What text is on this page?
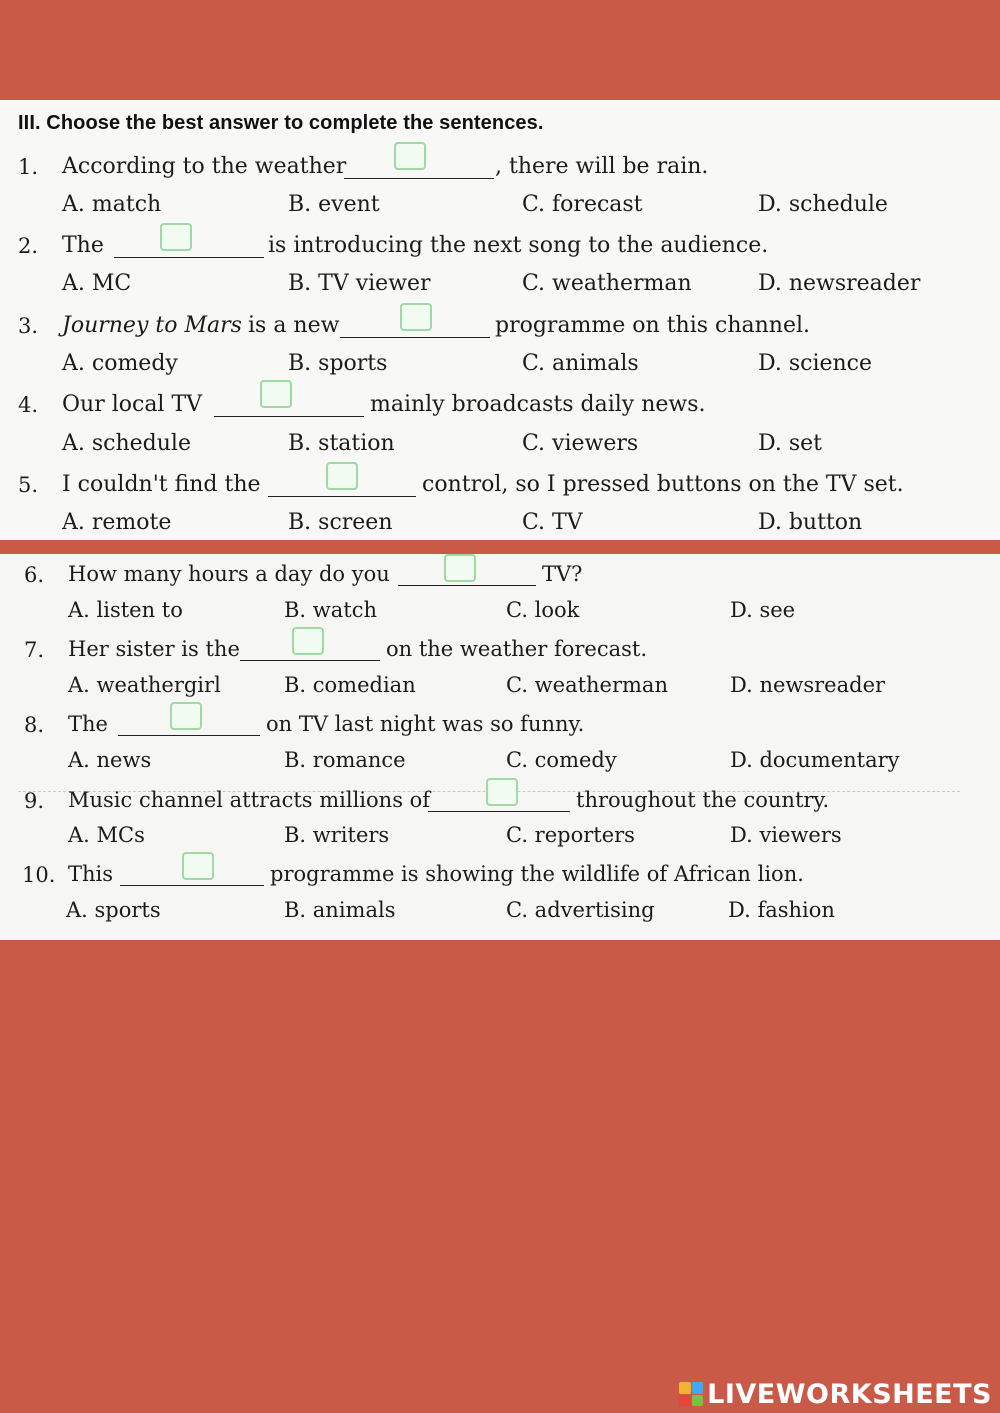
III. Choose the best answer to complete the sentences.
1. According to the weather	, there will be rain.
A. match	B. event	C. forecast	D. schedule
2. The	is introducing the next song to the audience.
A. MC	B. TV viewer	C. weatherman	D. newsreader
3. Journey to Mars is a new	programme on this channel.
A. comedy	B. sports	C. animals	D. science
4. Our local TV	mainly broadcasts daily news.
A. schedule	B. station	C. viewers	D. set
5. I couldn't find the	control, so I pressed buttons on the TV set.
A. remote	B. screen	C. TV	D. button
6. How many hours a day do you	TV?
A. listen to	B. watch	C. look	D. see
7. Her sister is the	on the weather forecast.
A. weathergirl	B. comedian	C. weatherman	D. newsreader
8. The	on TV last night was so funny.
A. news	B. romance	C. comedy	D. documentary
9. Music channel attracts millions of	throughout the country.
A. MCs	B. writers	C. reporters	D. viewers
10. This	programme is showing the wildlife of African lion.
A. sports	B. animals	C. advertising	D. fashion
LIVEWORKSHEETS
